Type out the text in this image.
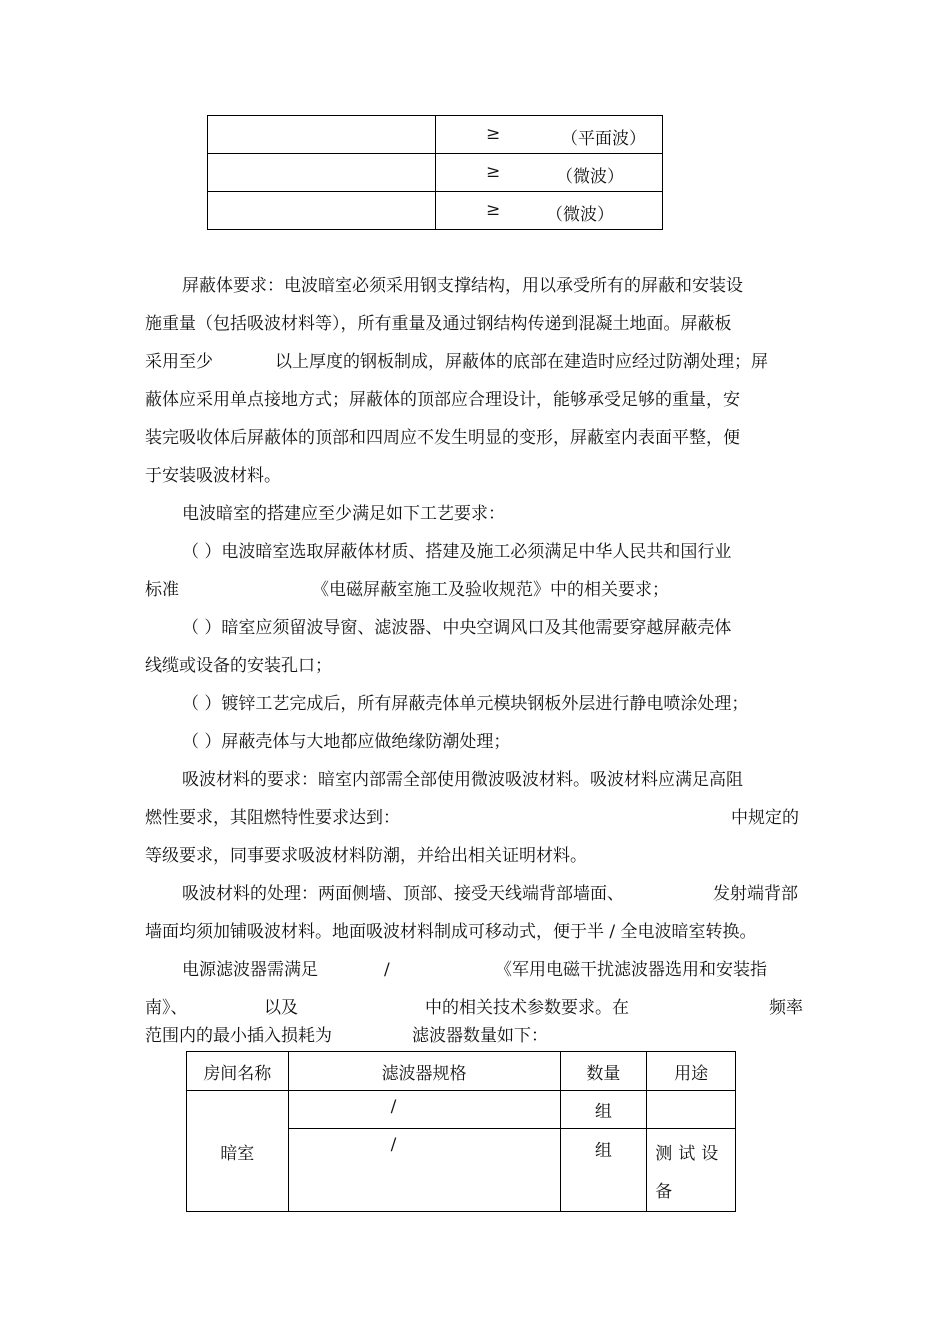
	≥ （平面波）

	≥ （微波）

	≥ （微波）
屏蔽体要求：电波暗室必须采用钢支撑结构，用以承受所有的屏蔽和安装设
施重量（包括吸波材料等），所有重量及通过钢结构传递到混凝土地面。屏蔽板
采用至少	以上厚度的钢板制成，屏蔽体的底部在建造时应经过防潮处理；屏
蔽体应采用单点接地方式；屏蔽体的顶部应合理设计，能够承受足够的重量，安
装完吸收体后屏蔽体的顶部和四周应不发生明显的变形，屏蔽室内表面平整，便
于安装吸波材料。
电波暗室的搭建应至少满足如下工艺要求：
（ ）电波暗室选取屏蔽体材质、搭建及施工必须满足中华人民共和国行业
标准	《电磁屏蔽室施工及验收规范》中的相关要求；
（ ）暗室应须留波导窗、滤波器、中央空调风口及其他需要穿越屏蔽壳体
线缆或设备的安装孔口；
（ ）镀锌工艺完成后，所有屏蔽壳体单元模块钢板外层进行静电喷涂处理；
（ ）屏蔽壳体与大地都应做绝缘防潮处理；
吸波材料的要求：暗室内部需全部使用微波吸波材料。吸波材料应满足高阻
燃性要求，其阻燃特性要求达到：	中规定的
等级要求，同事要求吸波材料防潮，并给出相关证明材料。
吸波材料的处理：两面侧墙、顶部、接受天线端背部墙面、	发射端背部
墙面均须加铺吸波材料。地面吸波材料制成可移动式，便于半 / 全电波暗室转换。
电源滤波器需满足	/	《军用电磁干扰滤波器选用和安装指
南》、	以及	中的相关技术参数要求。在	频率
范围内的最小插入损耗为	滤波器数量如下：
房间名称	滤波器规格	数量	用途
暗室	/	组	

	/	组	测试设备
